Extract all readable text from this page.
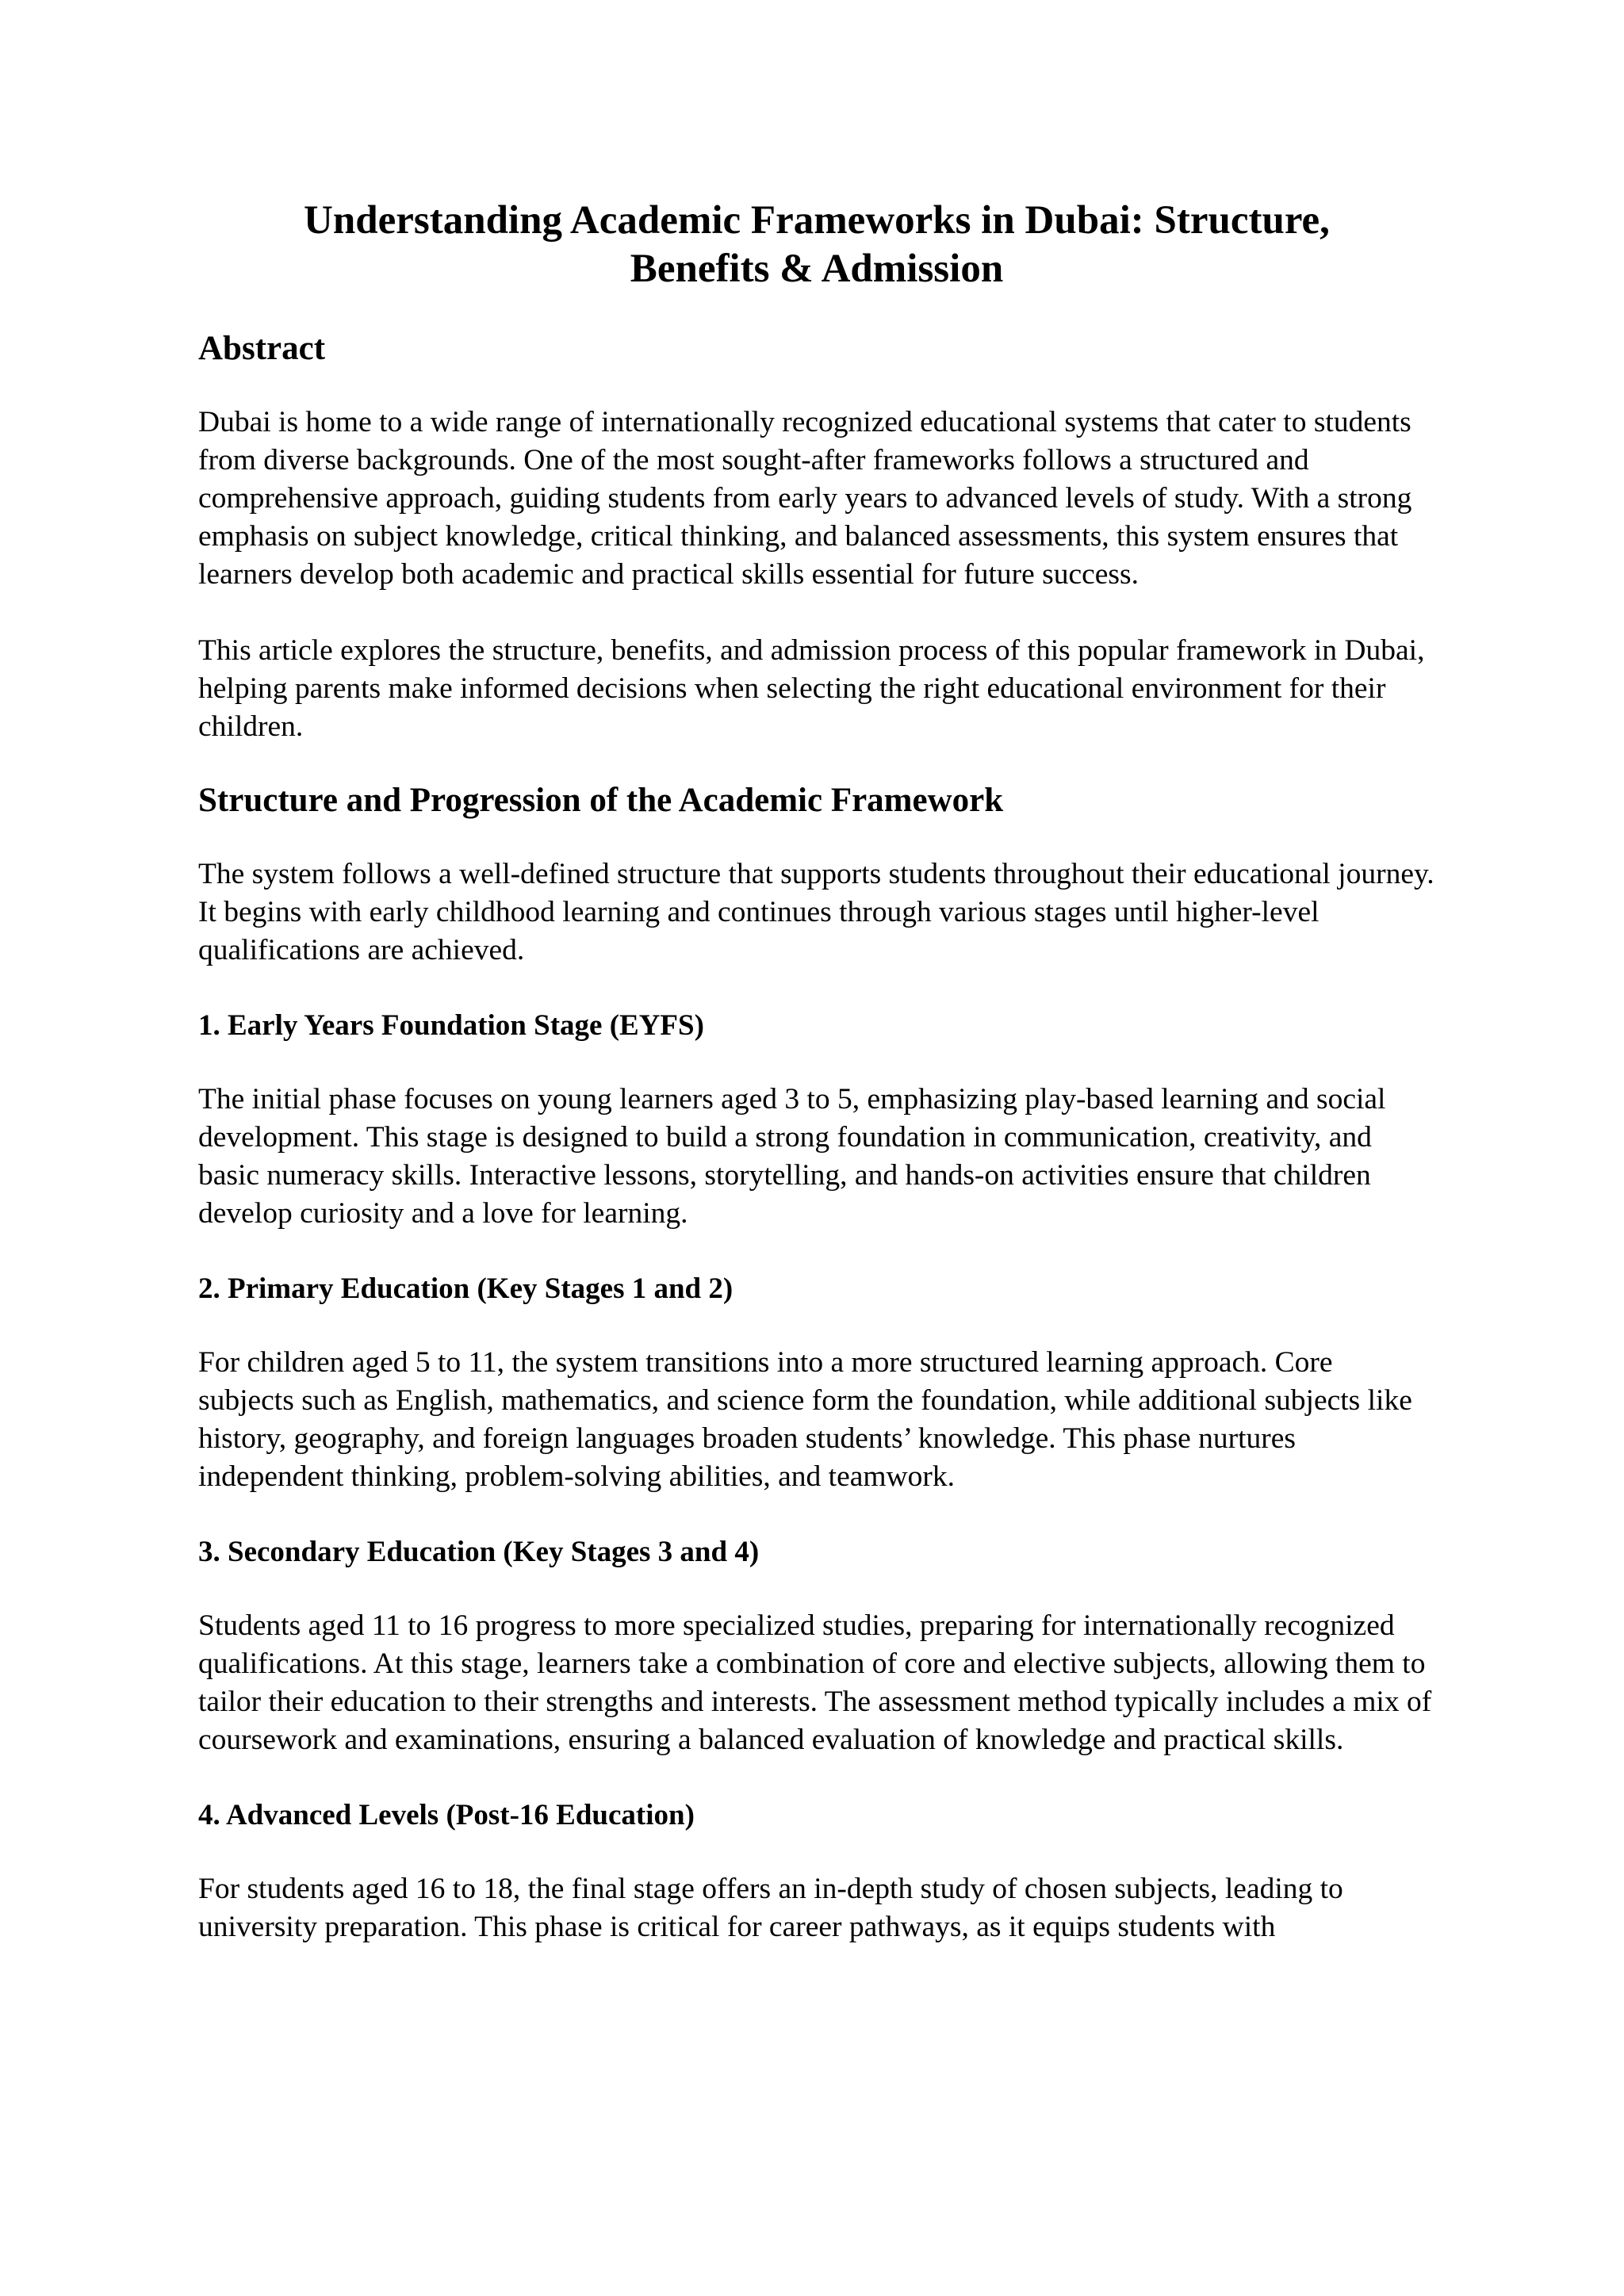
Understanding Academic Frameworks in Dubai: Structure, Benefits & Admission
Abstract

Dubai is home to a wide range of internationally recognized educational systems that cater to students from diverse backgrounds. One of the most sought-after frameworks follows a structured and comprehensive approach, guiding students from early years to advanced levels of study. With a strong emphasis on subject knowledge, critical thinking, and balanced assessments, this system ensures that learners develop both academic and practical skills essential for future success.

This article explores the structure, benefits, and admission process of this popular framework in Dubai, helping parents make informed decisions when selecting the right educational environment for their children.

Structure and Progression of the Academic Framework

The system follows a well-defined structure that supports students throughout their educational journey. It begins with early childhood learning and continues through various stages until higher-level qualifications are achieved.

1. Early Years Foundation Stage (EYFS)

The initial phase focuses on young learners aged 3 to 5, emphasizing play-based learning and social development. This stage is designed to build a strong foundation in communication, creativity, and basic numeracy skills. Interactive lessons, storytelling, and hands-on activities ensure that children develop curiosity and a love for learning.

2. Primary Education (Key Stages 1 and 2)

For children aged 5 to 11, the system transitions into a more structured learning approach. Core subjects such as English, mathematics, and science form the foundation, while additional subjects like history, geography, and foreign languages broaden students’ knowledge. This phase nurtures independent thinking, problem-solving abilities, and teamwork.

3. Secondary Education (Key Stages 3 and 4)

Students aged 11 to 16 progress to more specialized studies, preparing for internationally recognized qualifications. At this stage, learners take a combination of core and elective subjects, allowing them to tailor their education to their strengths and interests. The assessment method typically includes a mix of coursework and examinations, ensuring a balanced evaluation of knowledge and practical skills.

4. Advanced Levels (Post-16 Education)

For students aged 16 to 18, the final stage offers an in-depth study of chosen subjects, leading to university preparation. This phase is critical for career pathways, as it equips students with
